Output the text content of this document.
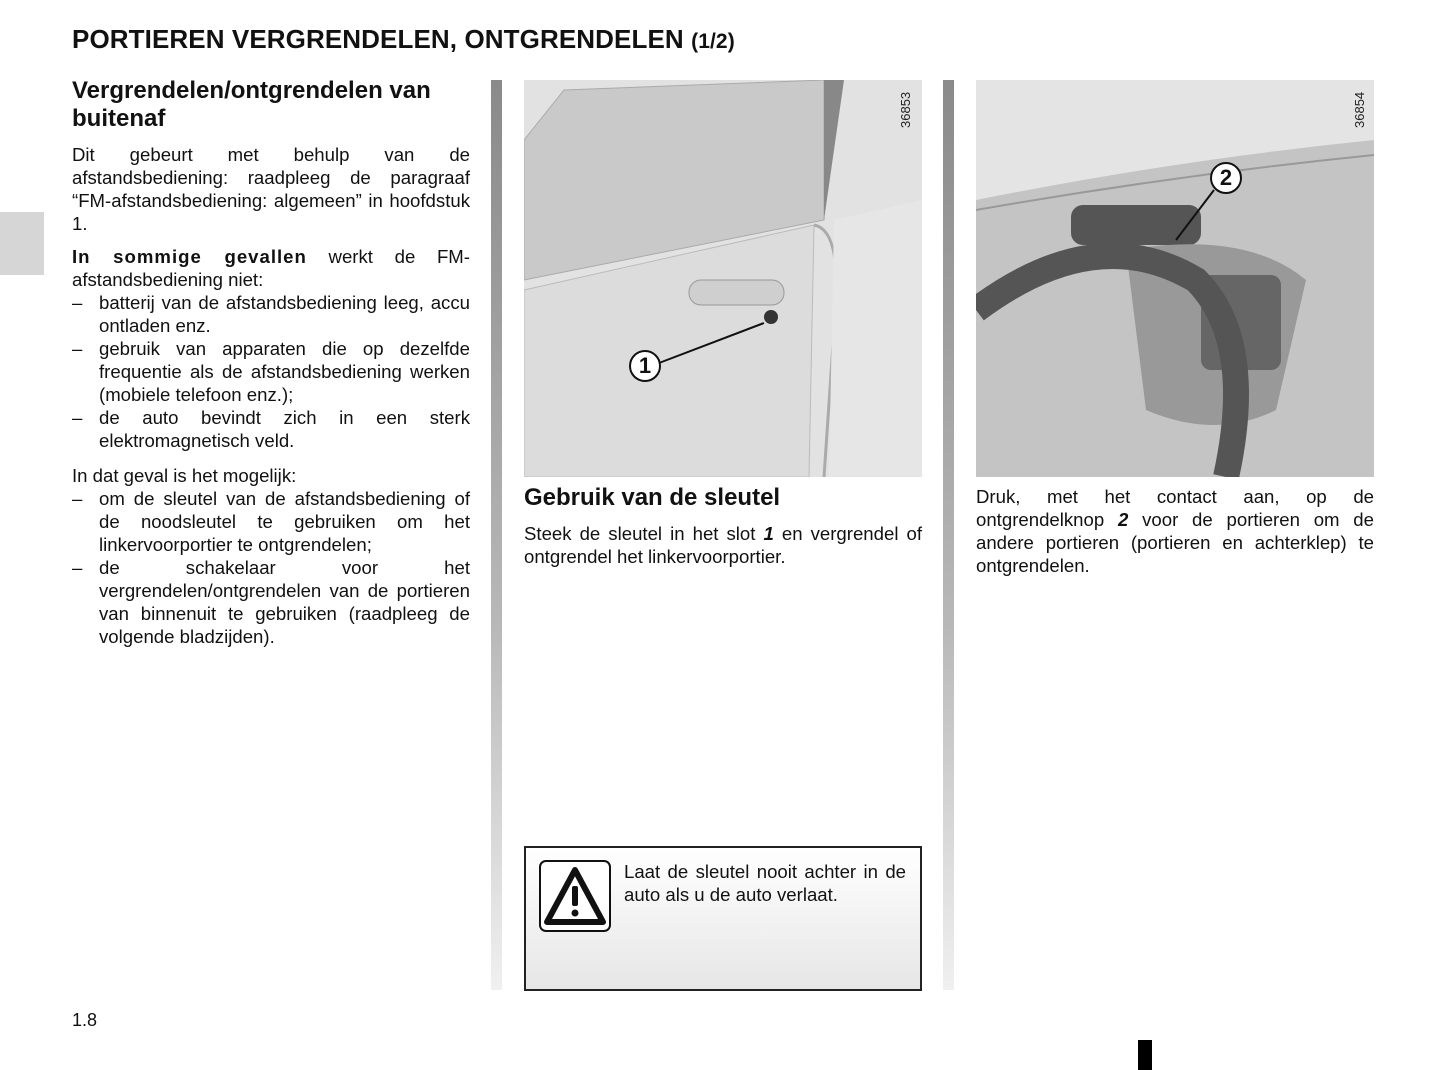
PORTIEREN VERGRENDELEN, ONTGRENDELEN (1/2)
Vergrendelen/ontgrendelen van buitenaf
Dit gebeurt met behulp van de afstandsbediening: raadpleeg de paragraaf “FM-afstandsbediening: algemeen” in hoofdstuk 1.
In sommige gevallen werkt de FM-afstandsbediening niet:
– batterij van de afstandsbediening leeg, accu ontladen enz.
– gebruik van apparaten die op dezelfde frequentie als de afstandsbediening werken (mobiele telefoon enz.);
– de auto bevindt zich in een sterk elektromagnetisch veld.
In dat geval is het mogelijk:
– om de sleutel van de afstandsbediening of de noodsleutel te gebruiken om het linkervoorportier te ontgrendelen;
– de schakelaar voor het vergrendelen/ontgrendelen van de portieren van binnenuit te gebruiken (raadpleeg de volgende bladzijden).
36853
1
Gebruik van de sleutel
Steek de sleutel in het slot 1 en vergrendel of ontgrendel het linkervoorportier.
Laat de sleutel nooit achter in de auto als u de auto verlaat.
36854
2
Druk, met het contact aan, op de ontgrendelknop 2 voor de portieren om de andere portieren (portieren en achterklep) te ontgrendelen.
1.8
